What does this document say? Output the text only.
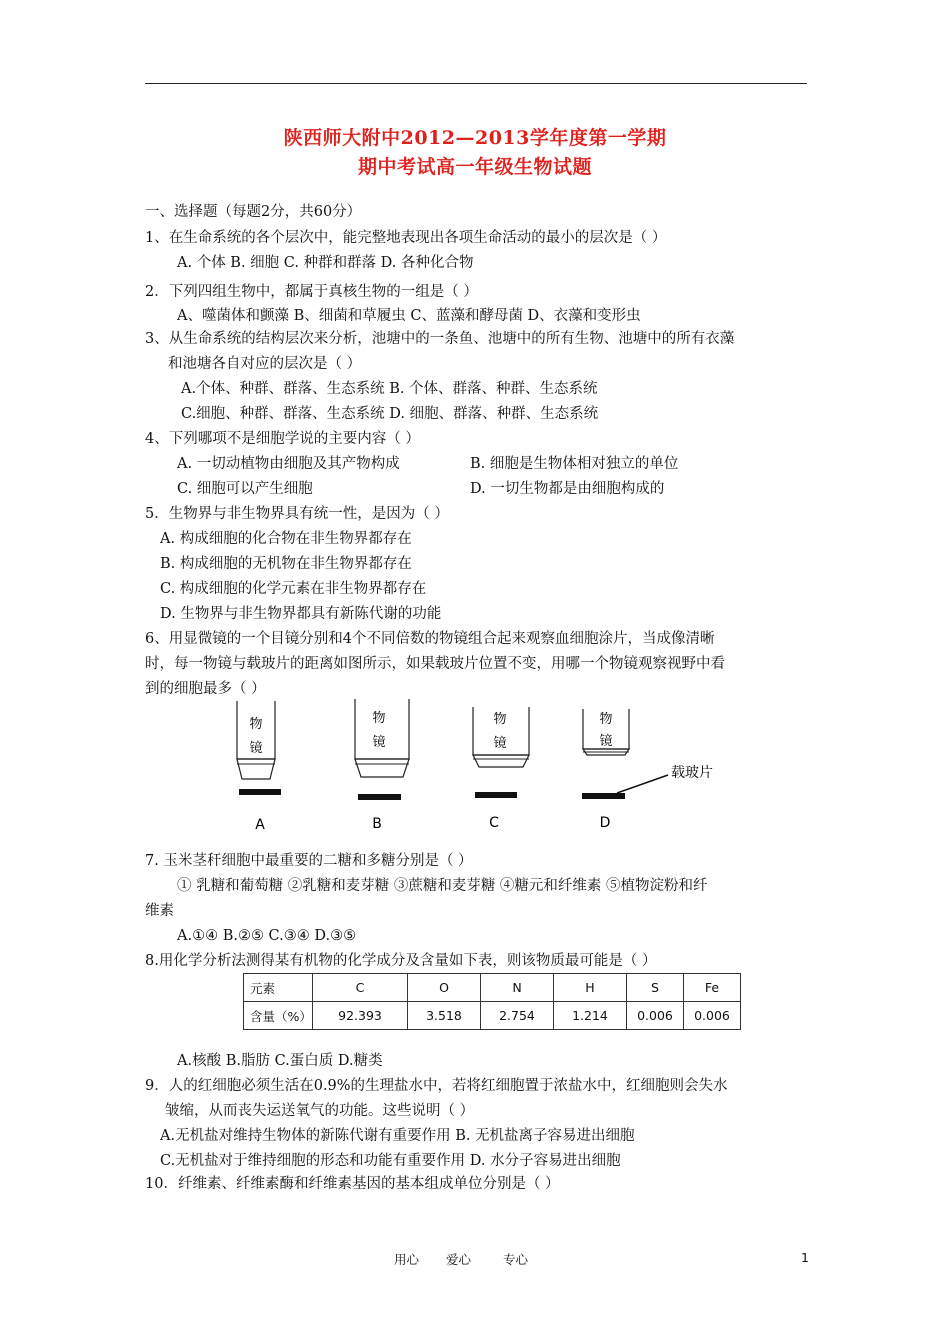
陕西师大附中2012—2013学年度第一学期
期中考试高一年级生物试题
一、选择题（每题2分，共60分）
1、在生命系统的各个层次中，能完整地表现出各项生命活动的最小的层次是（ ）
A. 个体 B. 细胞 C. 种群和群落 D. 各种化合物
2．下列四组生物中，都属于真核生物的一组是（ ）
A、噬菌体和颤藻 B、细菌和草履虫 C、蓝藻和酵母菌 D、衣藻和变形虫
3、从生命系统的结构层次来分析，池塘中的一条鱼、池塘中的所有生物、池塘中的所有衣藻
和池塘各自对应的层次是（ ）
A.个体、种群、群落、生态系统 B. 个体、群落、种群、生态系统
C.细胞、种群、群落、生态系统 D. 细胞、群落、种群、生态系统
4、下列哪项不是细胞学说的主要内容（ ）
A. 一切动植物由细胞及其产物构成	B. 细胞是生物体相对独立的单位
C. 细胞可以产生细胞	D. 一切生物都是由细胞构成的
5．生物界与非生物界具有统一性，是因为（ ）
A. 构成细胞的化合物在非生物界都存在
B. 构成细胞的无机物在非生物界都存在
C. 构成细胞的化学元素在非生物界都存在
D. 生物界与非生物界都具有新陈代谢的功能
6、用显微镜的一个目镜分别和4个不同倍数的物镜组合起来观察血细胞涂片，当成像清晰
时，每一物镜与载玻片的距离如图所示，如果载玻片位置不变，用哪一个物镜观察视野中看
到的细胞最多（ ）
物
镜
A
物
镜
B
物
镜
C
物
镜
载玻片
D
7. 玉米茎秆细胞中最重要的二糖和多糖分别是（ ）
① 乳糖和葡萄糖 ②乳糖和麦芽糖 ③蔗糖和麦芽糖 ④糖元和纤维素 ⑤植物淀粉和纤
维素
A.①④ B.②⑤ C.③④ D.③⑤
8.用化学分析法测得某有机物的化学成分及含量如下表，则该物质最可能是（ ）
元素	C	O	N	H	S	Fe
含量（%）	92.393	3.518	2.754	1.214	0.006	0.006
A.核酸 B.脂肪 C.蛋白质 D.糖类
9．人的红细胞必须生活在0.9%的生理盐水中，若将红细胞置于浓盐水中，红细胞则会失水
皱缩，从而丧失运送氧气的功能。这些说明（ ）
A.无机盐对维持生物体的新陈代谢有重要作用 B. 无机盐离子容易进出细胞
C.无机盐对于维持细胞的形态和功能有重要作用 D. 水分子容易进出细胞
10．纤维素、纤维素酶和纤维素基因的基本组成单位分别是（ ）
用心 爱心	专心	1
